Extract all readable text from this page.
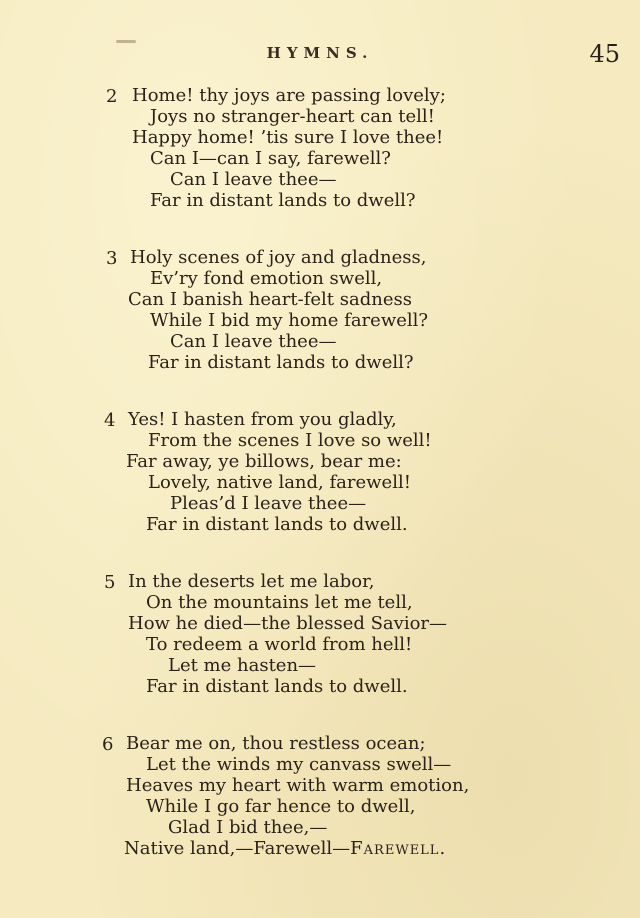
HYMNS.	45
2 Home! thy joys are passing lovely;
Joys no stranger-heart can tell!
Happy home! ’tis sure I love thee!
Can I—can I say, farewell?
Can I leave thee—
Far in distant lands to dwell?
3 Holy scenes of joy and gladness,
Ev’ry fond emotion swell,
Can I banish heart-felt sadness
While I bid my home farewell?
Can I leave thee—
Far in distant lands to dwell?
4 Yes! I hasten from you gladly,
From the scenes I love so well!
Far away, ye billows, bear me:
Lovely, native land, farewell!
Pleas’d I leave thee—
Far in distant lands to dwell.
5 In the deserts let me labor,
On the mountains let me tell,
How he died—the blessed Savior—
To redeem a world from hell!
Let me hasten—
Far in distant lands to dwell.
6 Bear me on, thou restless ocean;
Let the winds my canvass swell—
Heaves my heart with warm emotion,
While I go far hence to dwell,
Glad I bid thee,—
Native land,—Farewell—Farewell.
